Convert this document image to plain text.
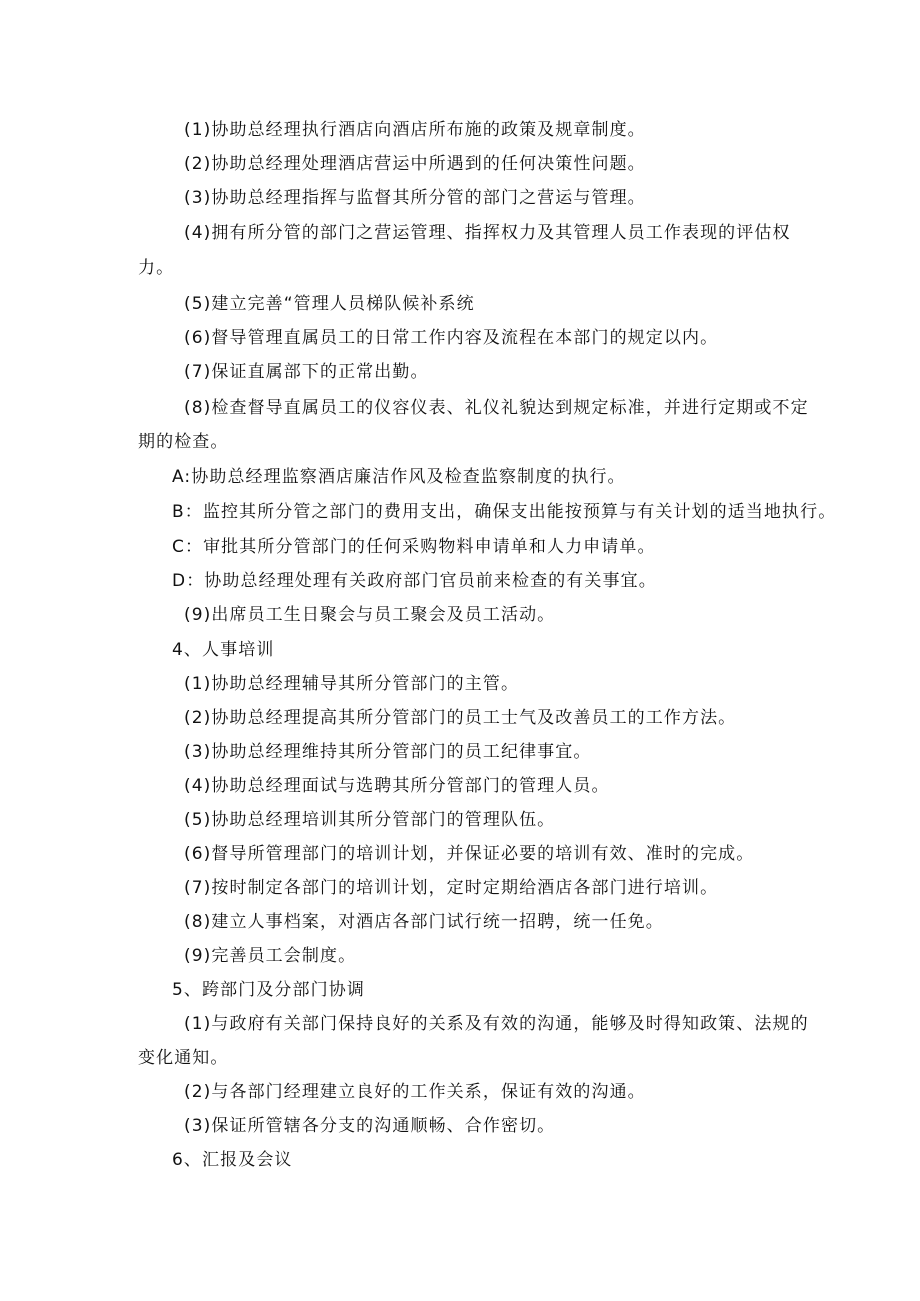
(1)协助总经理执行酒店向酒店所布施的政策及规章制度。

(2)协助总经理处理酒店营运中所遇到的任何决策性问题。

(3)协助总经理指挥与监督其所分管的部门之营运与管理。

(4)拥有所分管的部门之营运管理、指挥权力及其管理人员工作表现的评估权

力。

(5)建立完善“管理人员梯队候补系统

(6)督导管理直属员工的日常工作内容及流程在本部门的规定以内。

(7)保证直属部下的正常出勤。

(8)检查督导直属员工的仪容仪表、礼仪礼貌达到规定标准，并进行定期或不定

期的检查。

A:协助总经理监察酒店廉洁作风及检查监察制度的执行。

B：监控其所分管之部门的费用支出，确保支出能按预算与有关计划的适当地执行。

C：审批其所分管部门的任何采购物料申请单和人力申请单。

D：协助总经理处理有关政府部门官员前来检查的有关事宜。

(9)出席员工生日聚会与员工聚会及员工活动。

4、人事培训

(1)协助总经理辅导其所分管部门的主管。

(2)协助总经理提高其所分管部门的员工士气及改善员工的工作方法。

(3)协助总经理维持其所分管部门的员工纪律事宜。

(4)协助总经理面试与选聘其所分管部门的管理人员。

(5)协助总经理培训其所分管部门的管理队伍。

(6)督导所管理部门的培训计划，并保证必要的培训有效、准时的完成。

(7)按时制定各部门的培训计划，定时定期给酒店各部门进行培训。

(8)建立人事档案，对酒店各部门试行统一招聘，统一任免。

(9)完善员工会制度。

5、跨部门及分部门协调

(1)与政府有关部门保持良好的关系及有效的沟通，能够及时得知政策、法规的

变化通知。

(2)与各部门经理建立良好的工作关系，保证有效的沟通。

(3)保证所管辖各分支的沟通顺畅、合作密切。

6、汇报及会议
